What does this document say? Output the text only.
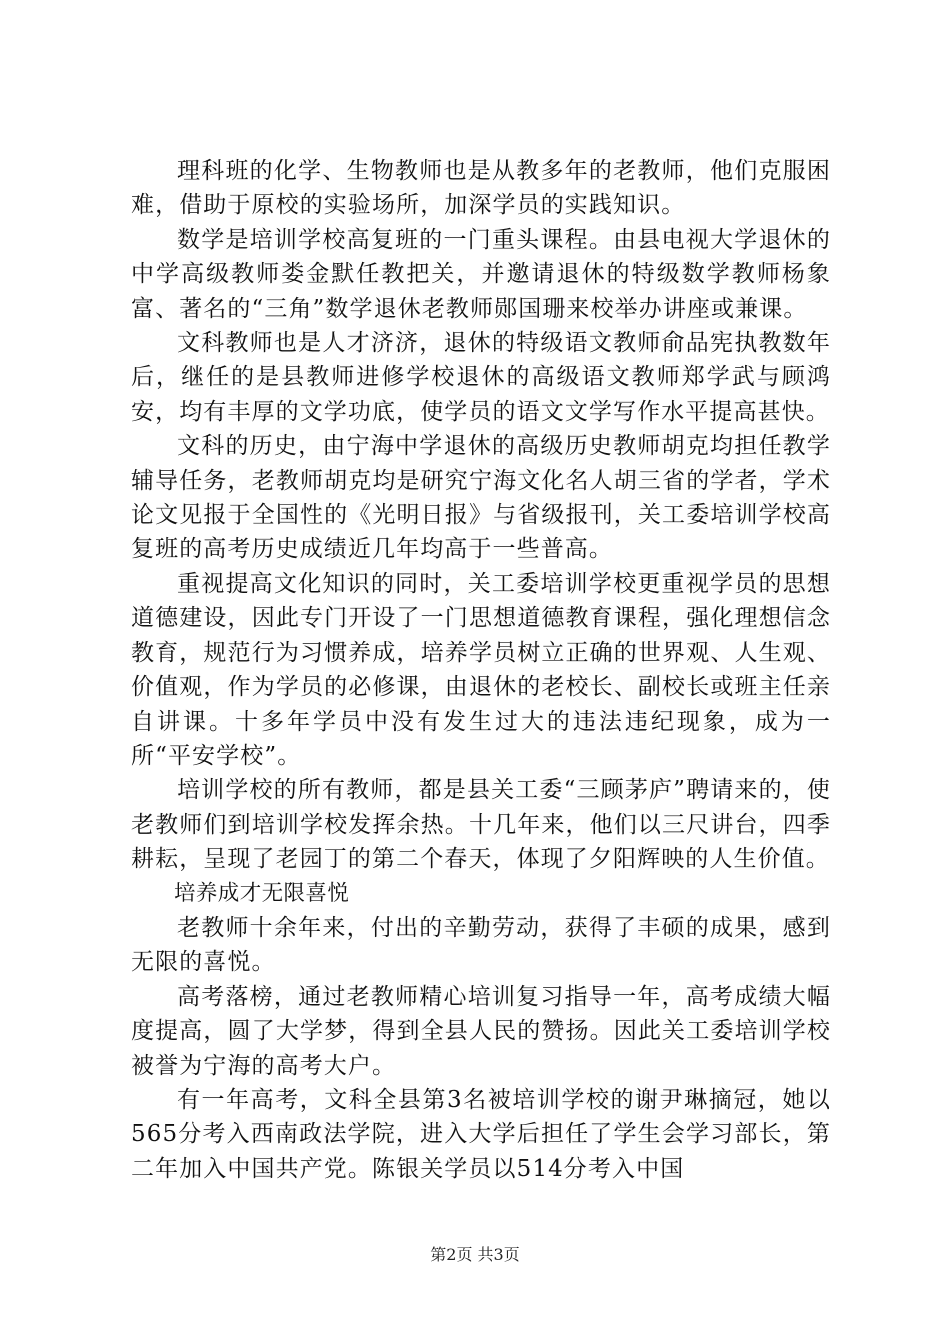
理科班的化学、生物教师也是从教多年的老教师，他们克服困难，借助于原校的实验场所，加深学员的实践知识。

数学是培训学校高复班的一门重头课程。由县电视大学退休的中学高级教师娄金默任教把关，并邀请退休的特级数学教师杨象富、著名的“三角”数学退休老教师郧国珊来校举办讲座或兼课。

文科教师也是人才济济，退休的特级语文教师俞品宪执教数年后，继任的是县教师进修学校退休的高级语文教师郑学武与顾鸿安，均有丰厚的文学功底，使学员的语文文学写作水平提高甚快。

文科的历史，由宁海中学退休的高级历史教师胡克均担任教学辅导任务，老教师胡克均是研究宁海文化名人胡三省的学者，学术论文见报于全国性的《光明日报》与省级报刊，关工委培训学校高复班的高考历史成绩近几年均高于一些普高。

重视提高文化知识的同时，关工委培训学校更重视学员的思想道德建设，因此专门开设了一门思想道德教育课程，强化理想信念教育，规范行为习惯养成，培养学员树立正确的世界观、人生观、价值观，作为学员的必修课，由退休的老校长、副校长或班主任亲自讲课。十多年学员中没有发生过大的违法违纪现象，成为一所“平安学校”。

培训学校的所有教师，都是县关工委“三顾茅庐”聘请来的，使老教师们到培训学校发挥余热。十几年来，他们以三尺讲台，四季耕耘，呈现了老园丁的第二个春天，体现了夕阳辉映的人生价值。

培养成才无限喜悦

老教师十余年来，付出的辛勤劳动，获得了丰硕的成果，感到无限的喜悦。

高考落榜，通过老教师精心培训复习指导一年，高考成绩大幅度提高，圆了大学梦，得到全县人民的赞扬。因此关工委培训学校被誉为宁海的高考大户。

有一年高考，文科全县第3名被培训学校的谢尹琳摘冠，她以565分考入西南政法学院，进入大学后担任了学生会学习部长，第二年加入中国共产党。陈银关学员以514分考入中国

第2页 共3页
